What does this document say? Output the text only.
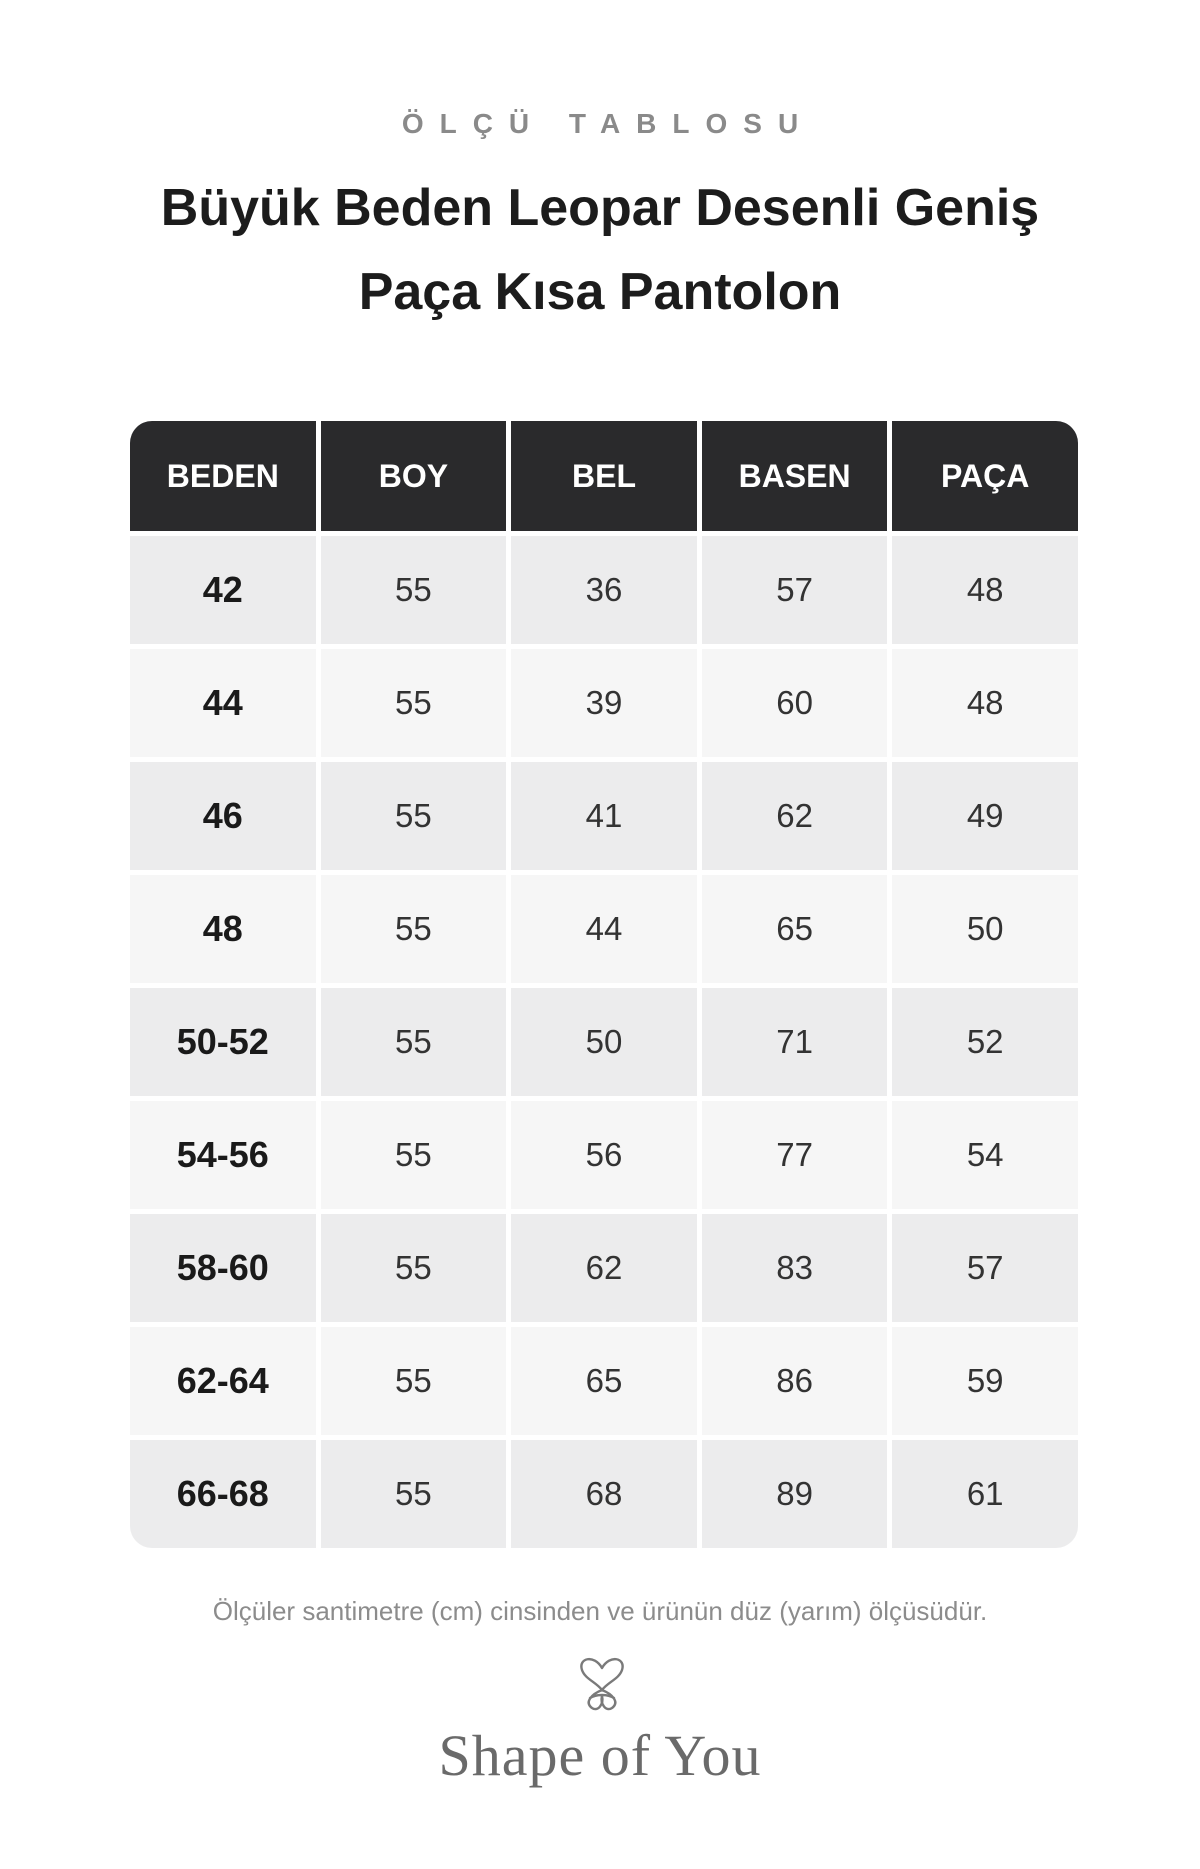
ÖLÇÜ TABLOSU
Büyük Beden Leopar Desenli Geniş Paça Kısa Pantolon
BEDEN	BOY	BEL	BASEN	PAÇA
42	55	36	57	48
44	55	39	60	48
46	55	41	62	49
48	55	44	65	50
50-52	55	50	71	52
54-56	55	56	77	54
58-60	55	62	83	57
62-64	55	65	86	59
66-68	55	68	89	61
Ölçüler santimetre (cm) cinsinden ve ürünün düz (yarım) ölçüsüdür.
Shape of You
